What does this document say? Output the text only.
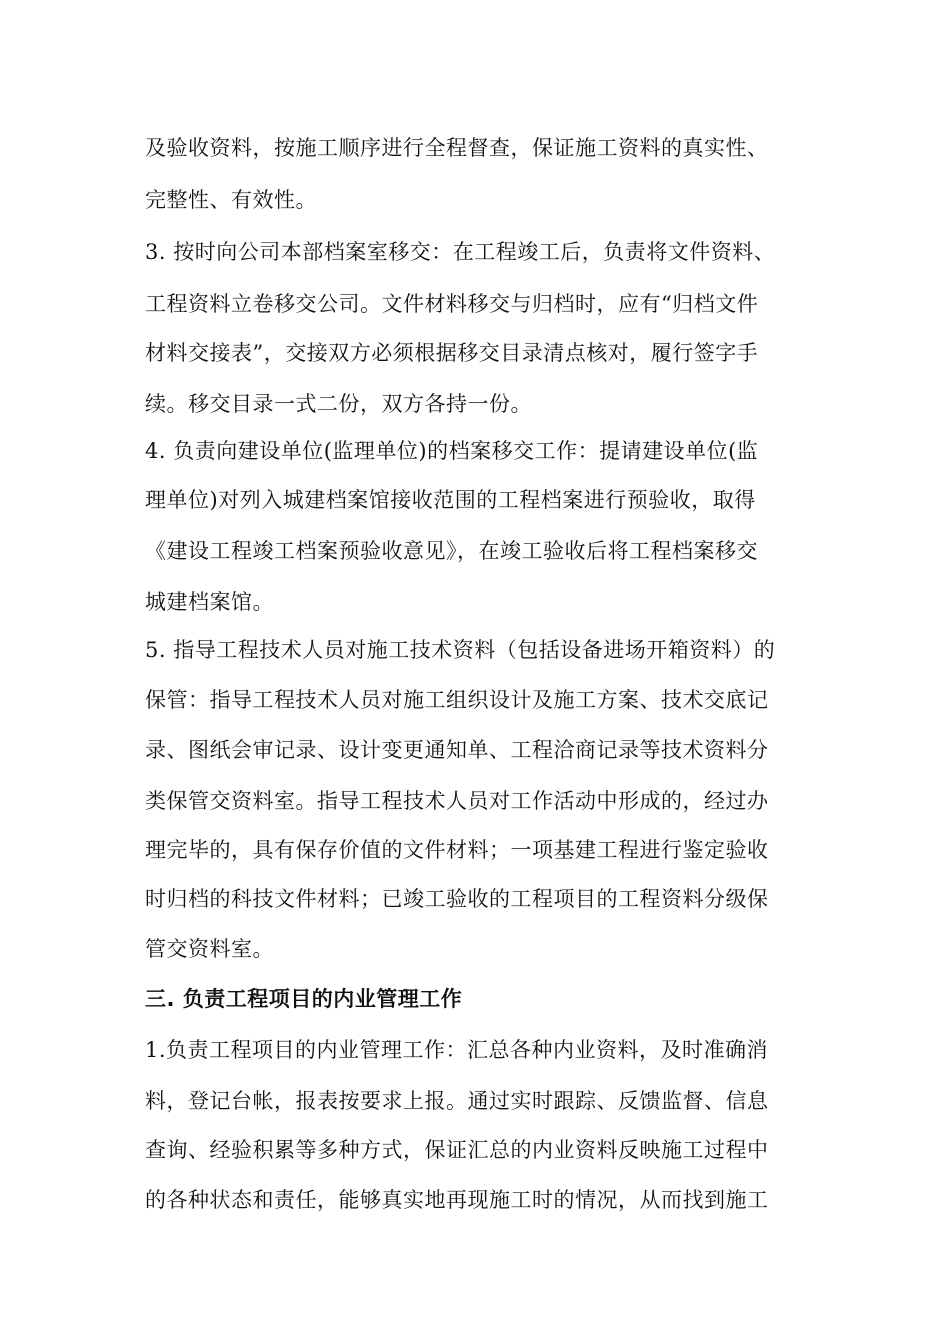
及验收资料，按施工顺序进行全程督查，保证施工资料的真实性、
完整性、有效性。
3. 按时向公司本部档案室移交：在工程竣工后，负责将文件资料、
工程资料立卷移交公司。文件材料移交与归档时，应有“归档文件
材料交接表”，交接双方必须根据移交目录清点核对，履行签字手
续。移交目录一式二份，双方各持一份。
4. 负责向建设单位(监理单位)的档案移交工作：提请建设单位(监
理单位)对列入城建档案馆接收范围的工程档案进行预验收，取得
《建设工程竣工档案预验收意见》，在竣工验收后将工程档案移交
城建档案馆。
5. 指导工程技术人员对施工技术资料（包括设备进场开箱资料）的
保管：指导工程技术人员对施工组织设计及施工方案、技术交底记
录、图纸会审记录、设计变更通知单、工程洽商记录等技术资料分
类保管交资料室。指导工程技术人员对工作活动中形成的，经过办
理完毕的，具有保存价值的文件材料；一项基建工程进行鉴定验收
时归档的科技文件材料；已竣工验收的工程项目的工程资料分级保
管交资料室。
三. 负责工程项目的内业管理工作
1.负责工程项目的内业管理工作：汇总各种内业资料，及时准确消
料，登记台帐，报表按要求上报。通过实时跟踪、反馈监督、信息
查询、经验积累等多种方式，保证汇总的内业资料反映施工过程中
的各种状态和责任，能够真实地再现施工时的情况，从而找到施工
